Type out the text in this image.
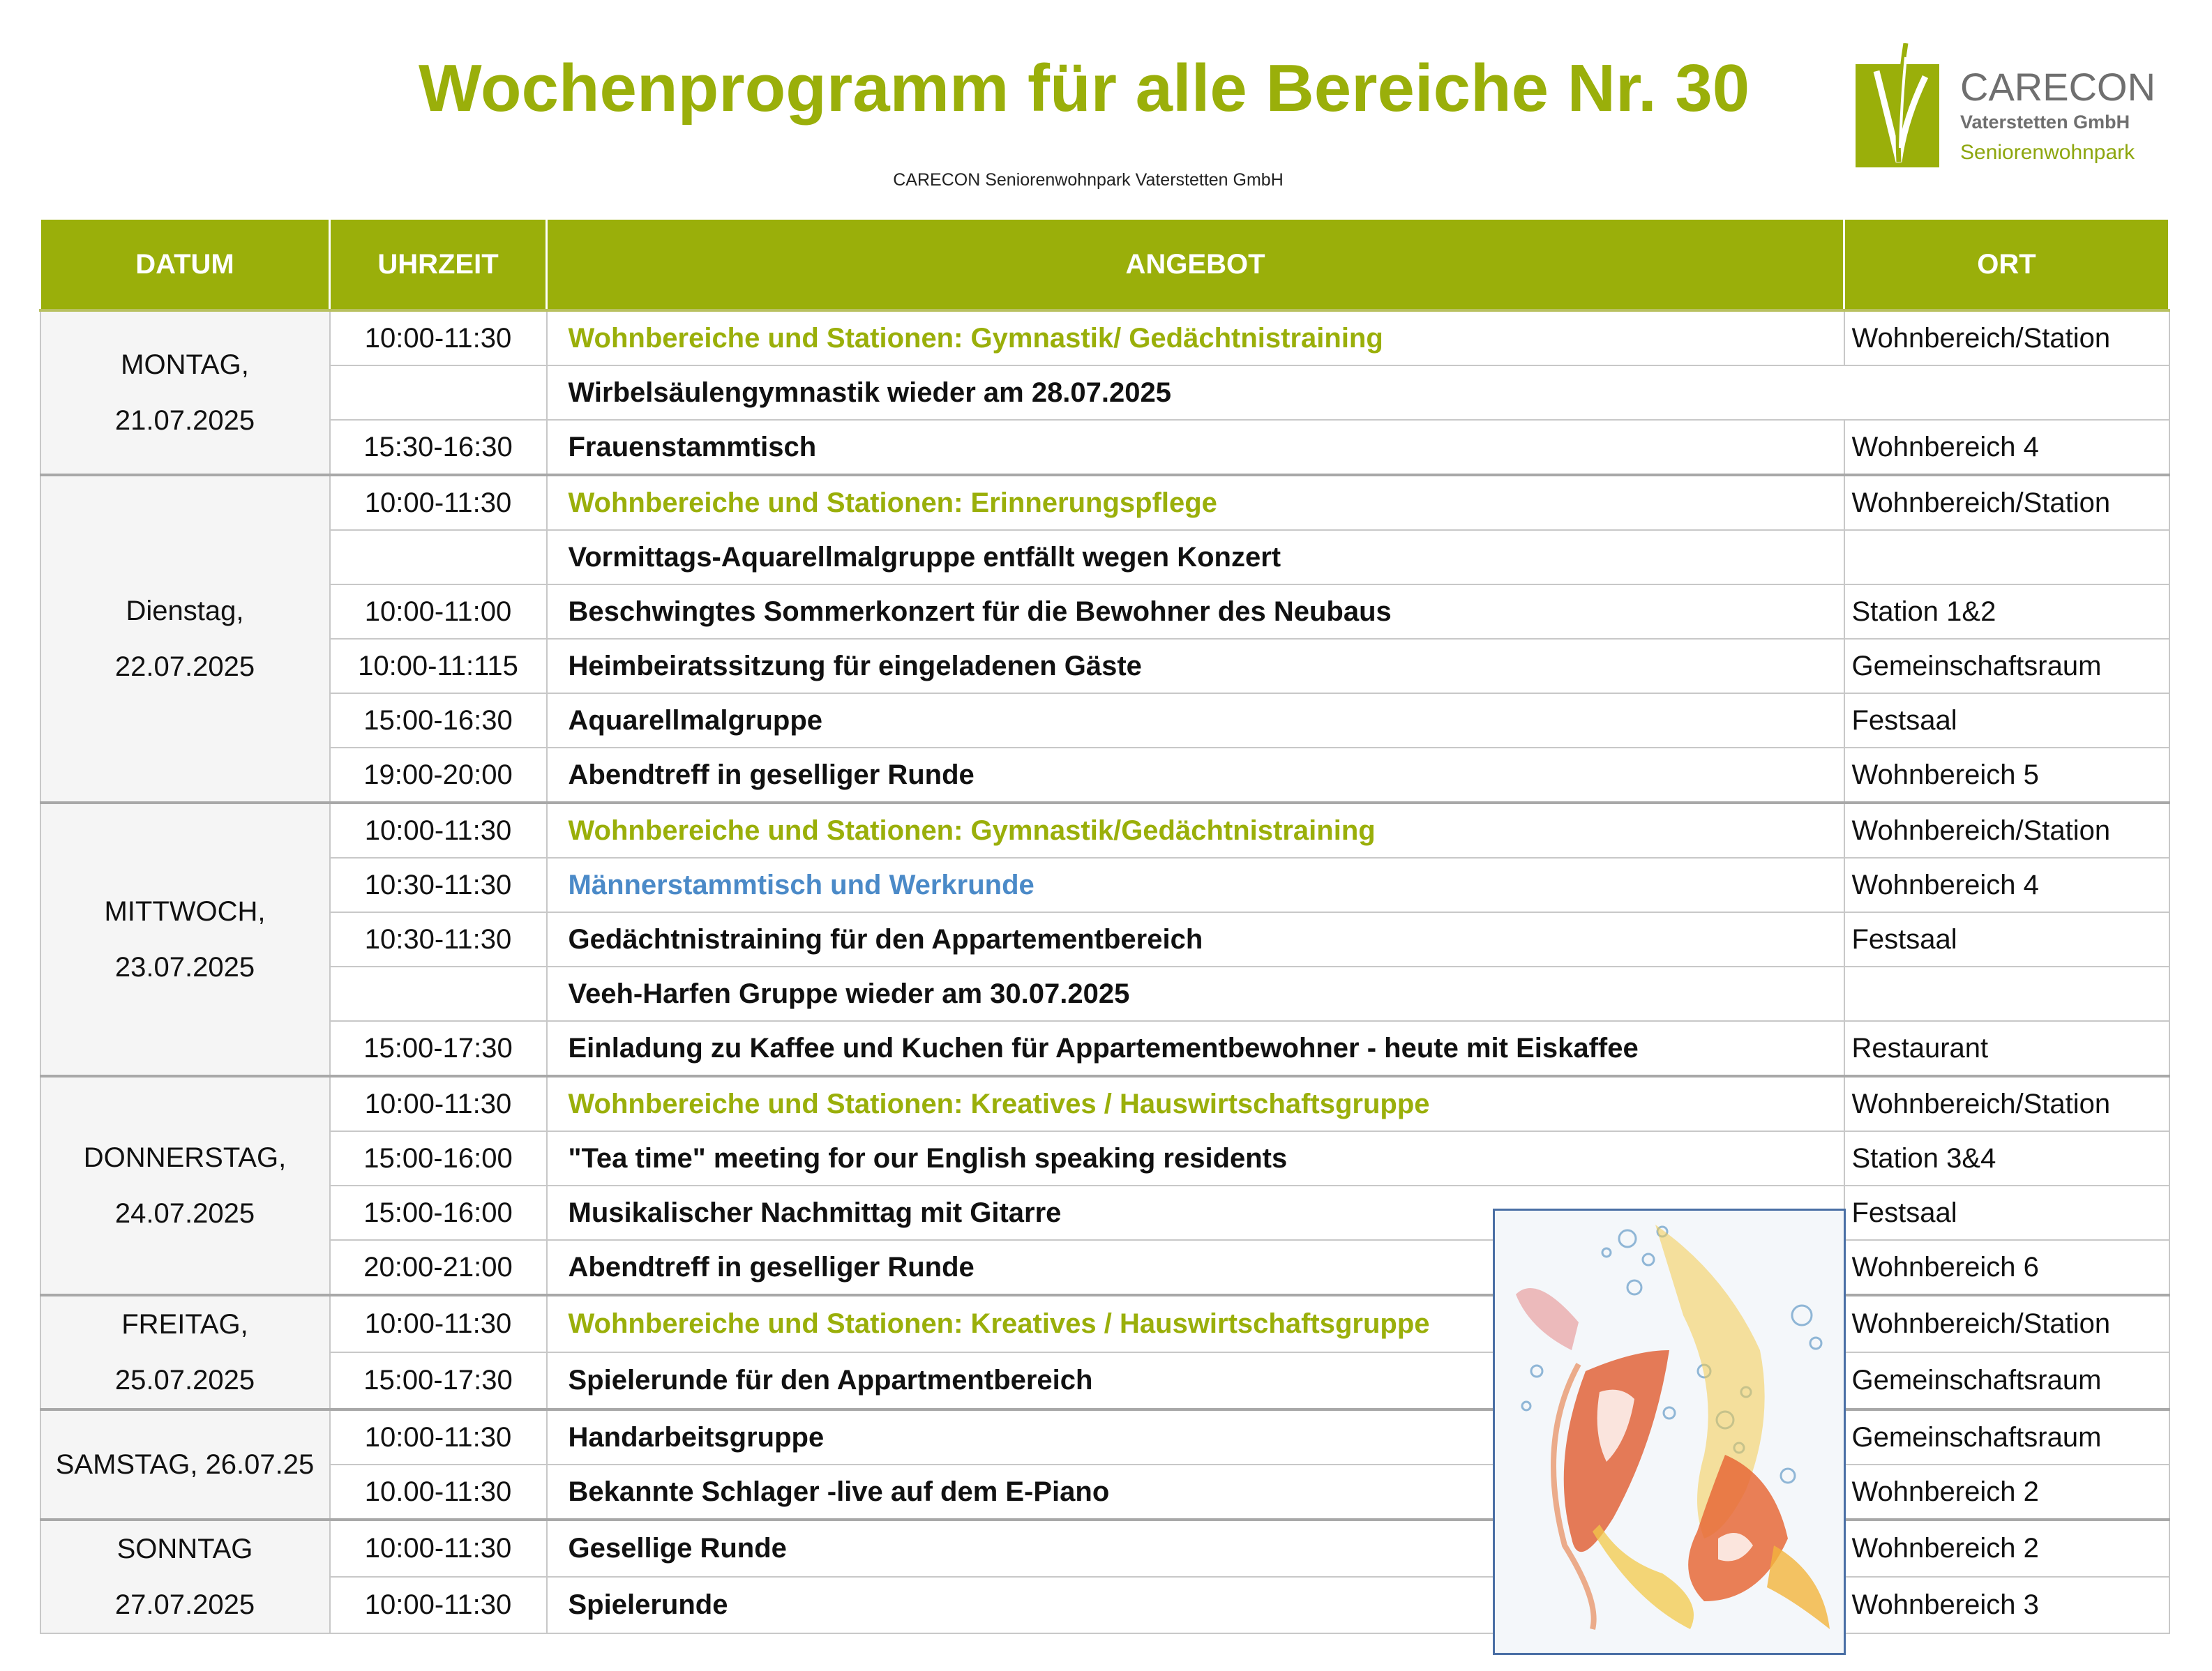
Wochenprogramm für alle Bereiche Nr. 30
CARECON Seniorenwohnpark Vaterstetten GmbH
CARECON
Vaterstetten GmbH
Seniorenwohnpark
DATUM	UHRZEIT	ANGEBOT	ORT

MONTAG,
21.07.2025	10:00-11:30	Wohnbereiche und Stationen: Gymnastik/ Gedächtnistraining	Wohnbereich/Station
		Wirbelsäulengymnastik wieder am 28.07.2025	
	15:30-16:30	Frauenstammtisch	Wohnbereich 4

Dienstag,
22.07.2025	10:00-11:30	Wohnbereiche und Stationen: Erinnerungspflege	Wohnbereich/Station
		Vormittags-Aquarellmalgruppe entfällt wegen Konzert	
	10:00-11:00	Beschwingtes Sommerkonzert für die Bewohner des Neubaus	Station 1&2
	10:00-11:115	Heimbeiratssitzung für eingeladenen Gäste	Gemeinschaftsraum
	15:00-16:30	Aquarellmalgruppe	Festsaal
	19:00-20:00	Abendtreff in geselliger Runde	Wohnbereich 5

MITTWOCH,
23.07.2025	10:00-11:30	Wohnbereiche und Stationen: Gymnastik/Gedächtnistraining	Wohnbereich/Station
	10:30-11:30	Männerstammtisch und Werkrunde	Wohnbereich 4
	10:30-11:30	Gedächtnistraining für den Appartementbereich	Festsaal
		Veeh-Harfen Gruppe wieder am 30.07.2025	
	15:00-17:30	Einladung zu Kaffee und Kuchen für Appartementbewohner - heute mit Eiskaffee	Restaurant

DONNERSTAG,
24.07.2025	10:00-11:30	Wohnbereiche und Stationen: Kreatives / Hauswirtschaftsgruppe	Wohnbereich/Station
	15:00-16:00	"Tea time" meeting for our English speaking residents	Station 3&4
	15:00-16:00	Musikalischer Nachmittag mit Gitarre	Festsaal
	20:00-21:00	Abendtreff in geselliger Runde	Wohnbereich 6

FREITAG,
25.07.2025	10:00-11:30	Wohnbereiche und Stationen: Kreatives / Hauswirtschaftsgruppe	Wohnbereich/Station
	15:00-17:30	Spielerunde für den Appartmentbereich	Gemeinschaftsraum

SAMSTAG, 26.07.25	10:00-11:30	Handarbeitsgruppe	Gemeinschaftsraum
	10.00-11:30	Bekannte Schlager -live auf dem E-Piano	Wohnbereich 2

SONNTAG
27.07.2025	10:00-11:30	Gesellige Runde	Wohnbereich 2
	10:00-11:30	Spielerunde	Wohnbereich 3
